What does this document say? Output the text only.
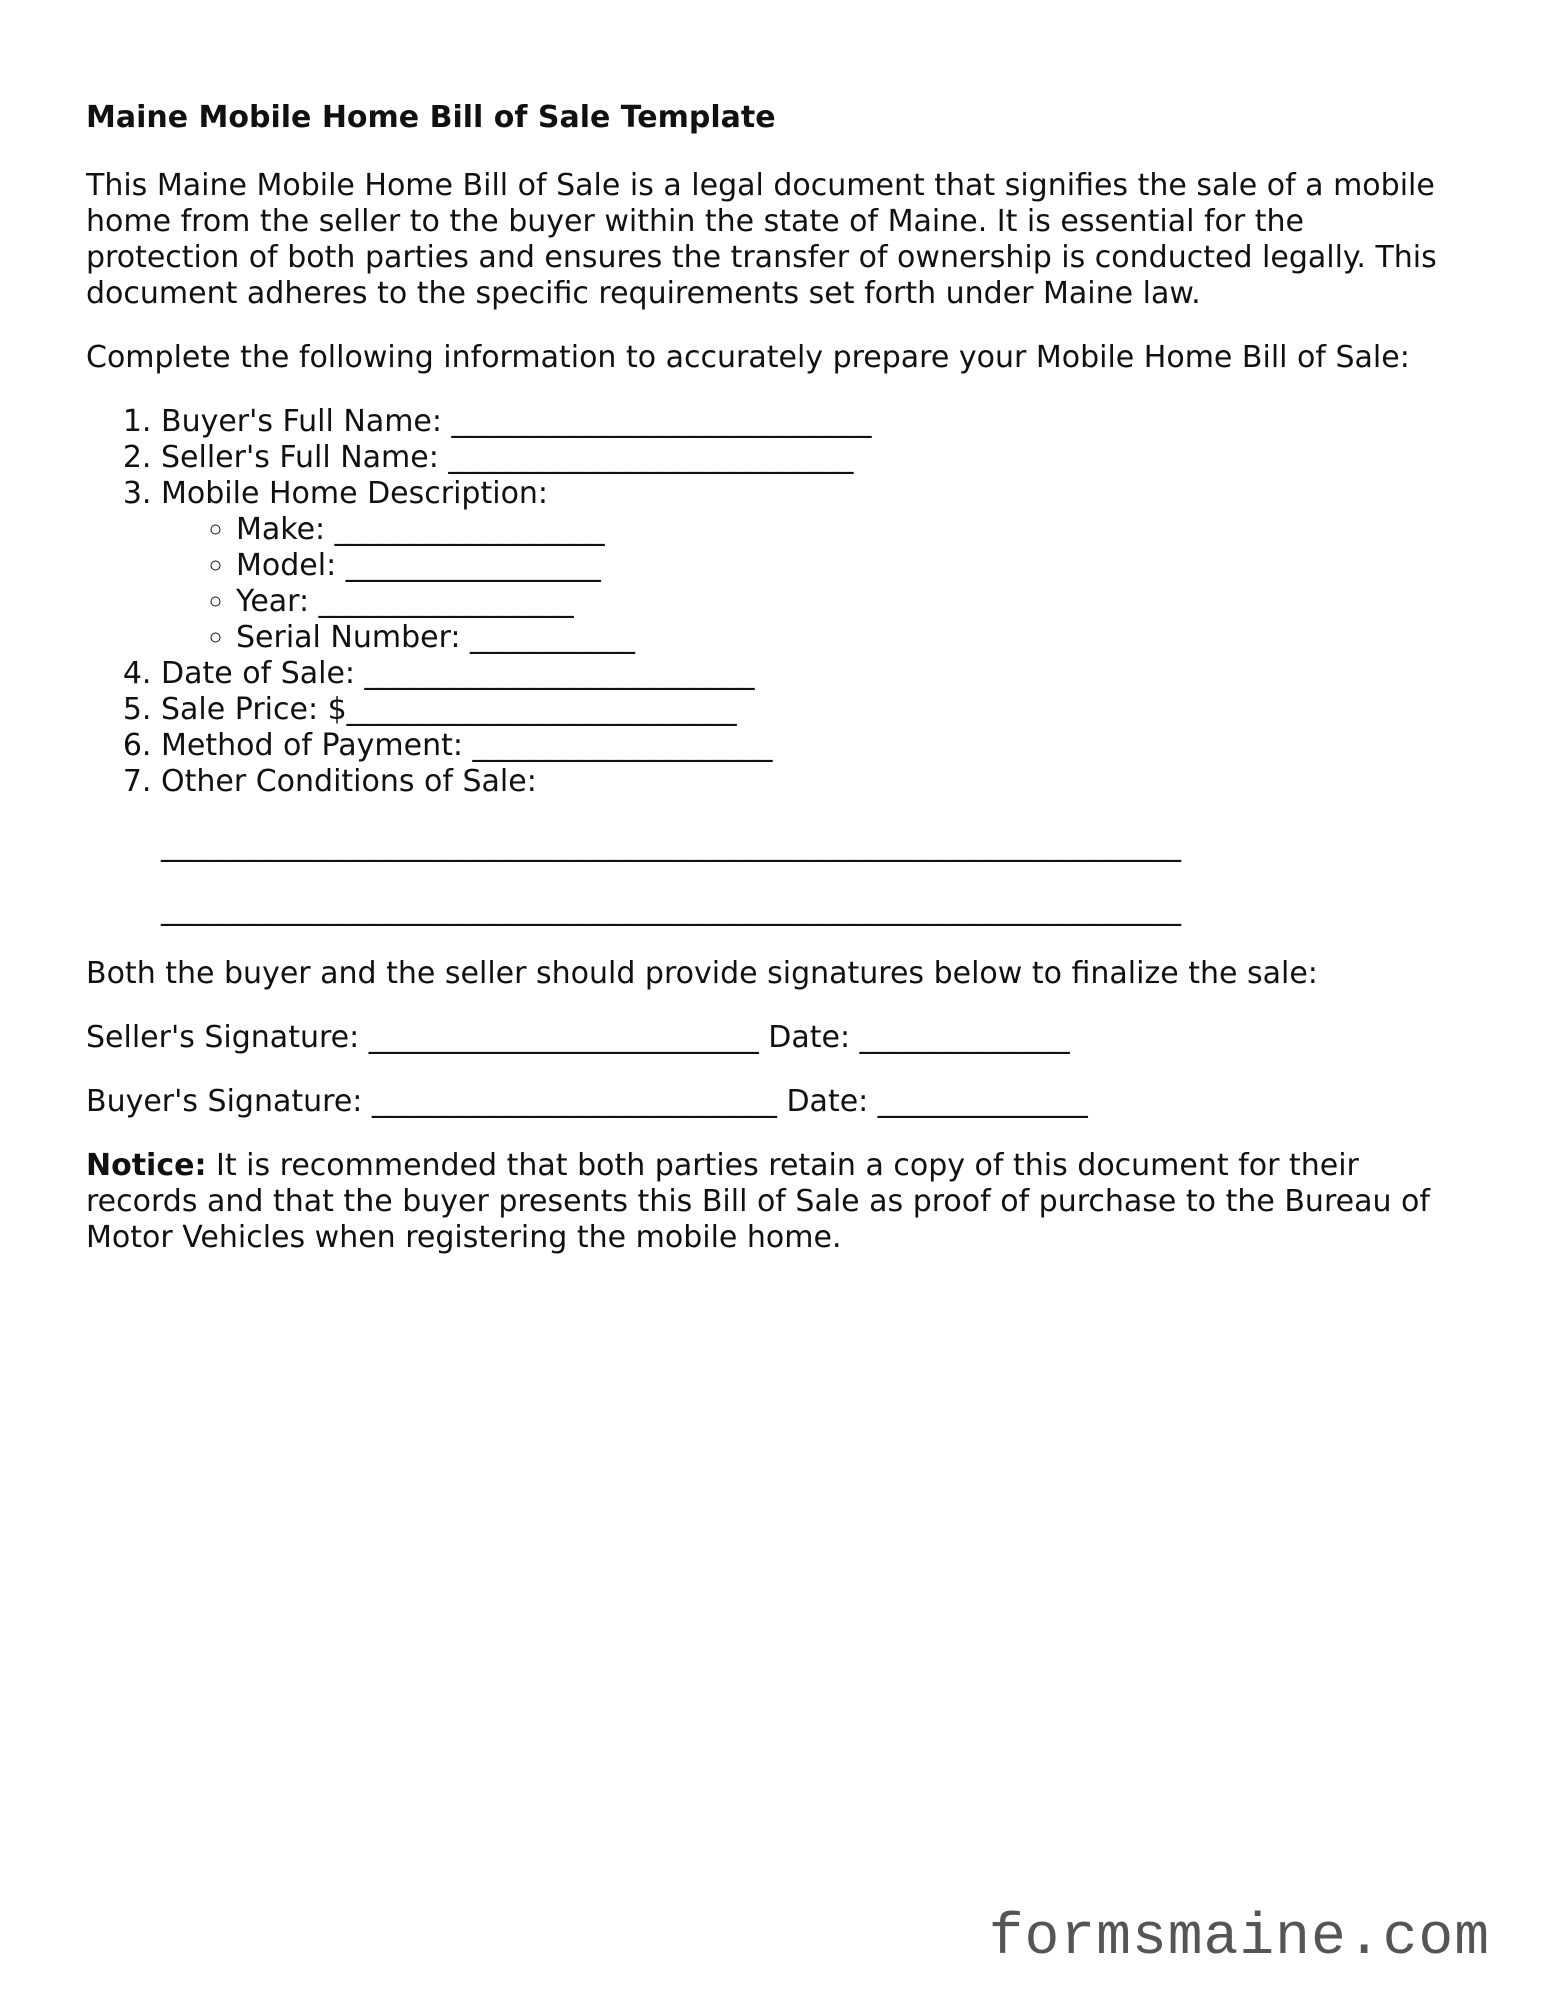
Maine Mobile Home Bill of Sale Template

This Maine Mobile Home Bill of Sale is a legal document that signifies the sale of a mobile home from the seller to the buyer within the state of Maine. It is essential for the protection of both parties and ensures the transfer of ownership is conducted legally. This document adheres to the specific requirements set forth under Maine law.

Complete the following information to accurately prepare your Mobile Home Bill of Sale:

1. Buyer's Full Name: ____________________________
2. Seller's Full Name: ___________________________
3. Mobile Home Description:
◦ Make: __________________
◦ Model: _________________
◦ Year: _________________
◦ Serial Number: ___________
4. Date of Sale: __________________________
5. Sale Price: $__________________________
6. Method of Payment: ____________________
7. Other Conditions of Sale:
____________________________________________________________________
____________________________________________________________________

Both the buyer and the seller should provide signatures below to finalize the sale:

Seller's Signature: __________________________ Date: ______________

Buyer's Signature: ___________________________ Date: ______________

Notice: It is recommended that both parties retain a copy of this document for their records and that the buyer presents this Bill of Sale as proof of purchase to the Bureau of Motor Vehicles when registering the mobile home.

formsmaine.com
